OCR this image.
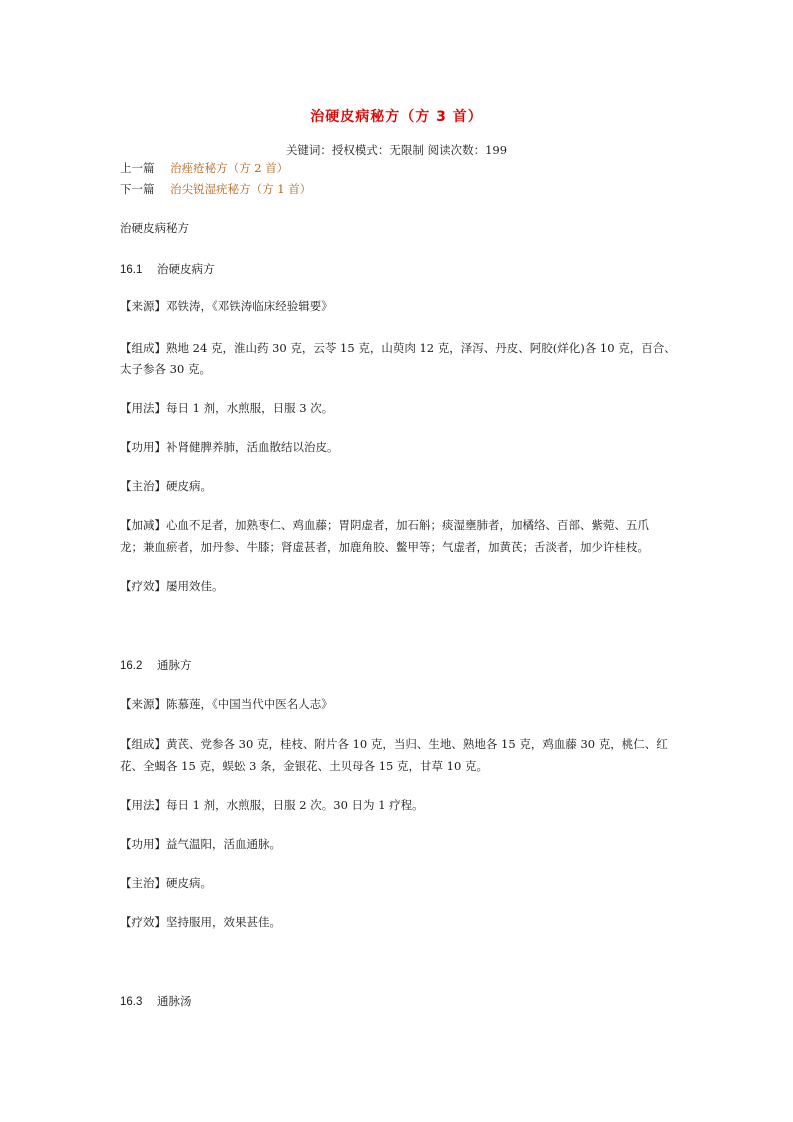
治硬皮病秘方（方 3 首）
关键词：授权模式：无限制 阅读次数：199
上一篇 治痤疮秘方（方 2 首）
下一篇 治尖锐湿疣秘方（方 1 首）
治硬皮病秘方
16.1 治硬皮病方
【来源】邓铁涛，《邓铁涛临床经验辑要》
【组成】熟地 24 克，淮山药 30 克，云苓 15 克，山萸肉 12 克，泽泻、丹皮、阿胶(烊化)各 10 克，百合、
太子参各 30 克。
【用法】每日 1 剂，水煎服，日服 3 次。
【功用】补肾健脾养肺，活血散结以治皮。
【主治】硬皮病。
【加减】心血不足者，加熟枣仁、鸡血藤；胃阴虚者，加石斛；痰湿壅肺者，加橘络、百部、紫菀、五爪
龙；兼血瘀者，加丹参、牛膝；肾虚甚者，加鹿角胶、鳖甲等；气虚者，加黄芪；舌淡者，加少许桂枝。
【疗效】屡用效佳。
16.2 通脉方
【来源】陈慕莲，《中国当代中医名人志》
【组成】黄芪、党参各 30 克，桂枝、附片各 10 克，当归、生地、熟地各 15 克，鸡血藤 30 克，桃仁、红
花、全蝎各 15 克，蜈蚣 3 条，金银花、土贝母各 15 克，甘草 10 克。
【用法】每日 1 剂，水煎服，日服 2 次。30 日为 1 疗程。
【功用】益气温阳，活血通脉。
【主治】硬皮病。
【疗效】坚持服用，效果甚佳。
16.3 通脉汤
